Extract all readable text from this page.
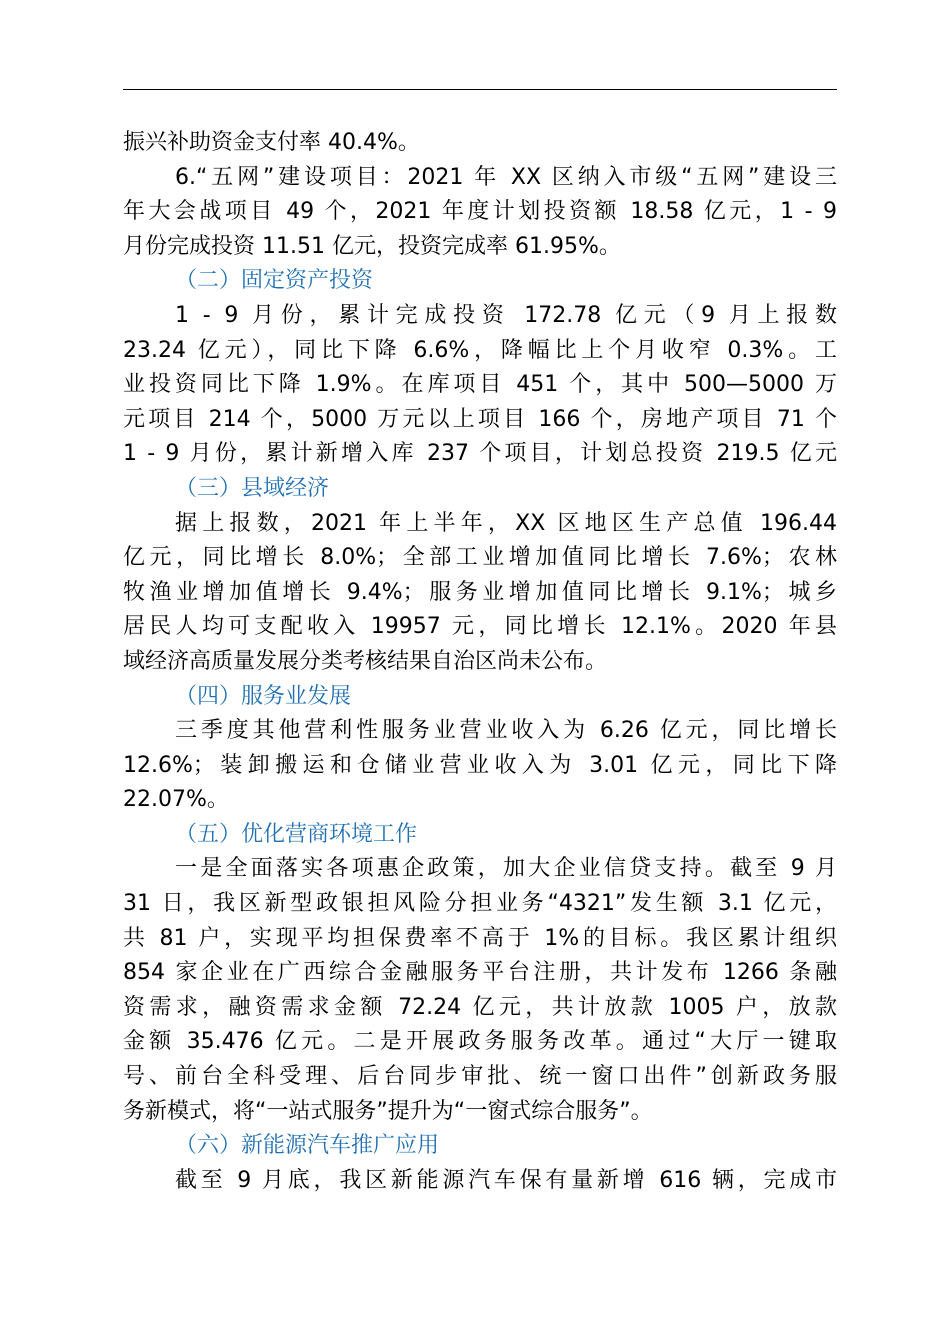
振兴补助资金支付率 40.4%。
6.“五网”建设项目：2021 年 XX 区纳入市级“五网”建设三
年大会战项目 49 个，2021 年度计划投资额 18.58 亿元，1 - 9
月份完成投资 11.51 亿元，投资完成率 61.95%。
（二）固定资产投资
1 - 9 月份，累计完成投资 172.78 亿元（9 月上报数
23.24 亿元），同比下降 6.6%，降幅比上个月收窄 0.3%。工
业投资同比下降 1.9%。在库项目 451 个，其中 500—5000 万
元项目 214 个，5000 万元以上项目 166 个，房地产项目 71 个
1 - 9 月份，累计新增入库 237 个项目，计划总投资 219.5 亿元
（三）县域经济
据上报数，2021 年上半年，XX 区地区生产总值 196.44
亿元，同比增长 8.0%；全部工业增加值同比增长 7.6%；农林
牧渔业增加值增长 9.4%；服务业增加值同比增长 9.1%；城乡
居民人均可支配收入 19957 元，同比增长 12.1%。2020 年县
域经济高质量发展分类考核结果自治区尚未公布。
（四）服务业发展
三季度其他营利性服务业营业收入为 6.26 亿元，同比增长
12.6%；装卸搬运和仓储业营业收入为 3.01 亿元，同比下降
22.07%。
（五）优化营商环境工作
一是全面落实各项惠企政策，加大企业信贷支持。截至 9 月
31 日，我区新型政银担风险分担业务“4321”发生额 3.1 亿元，
共 81 户，实现平均担保费率不高于 1%的目标。我区累计组织
854 家企业在广西综合金融服务平台注册，共计发布 1266 条融
资需求，融资需求金额 72.24 亿元，共计放款 1005 户，放款
金额 35.476 亿元。二是开展政务服务改革。通过“大厅一键取
号、前台全科受理、后台同步审批、统一窗口出件”创新政务服
务新模式，将“一站式服务”提升为“一窗式综合服务”。
（六）新能源汽车推广应用
截至 9 月底，我区新能源汽车保有量新增 616 辆，完成市
